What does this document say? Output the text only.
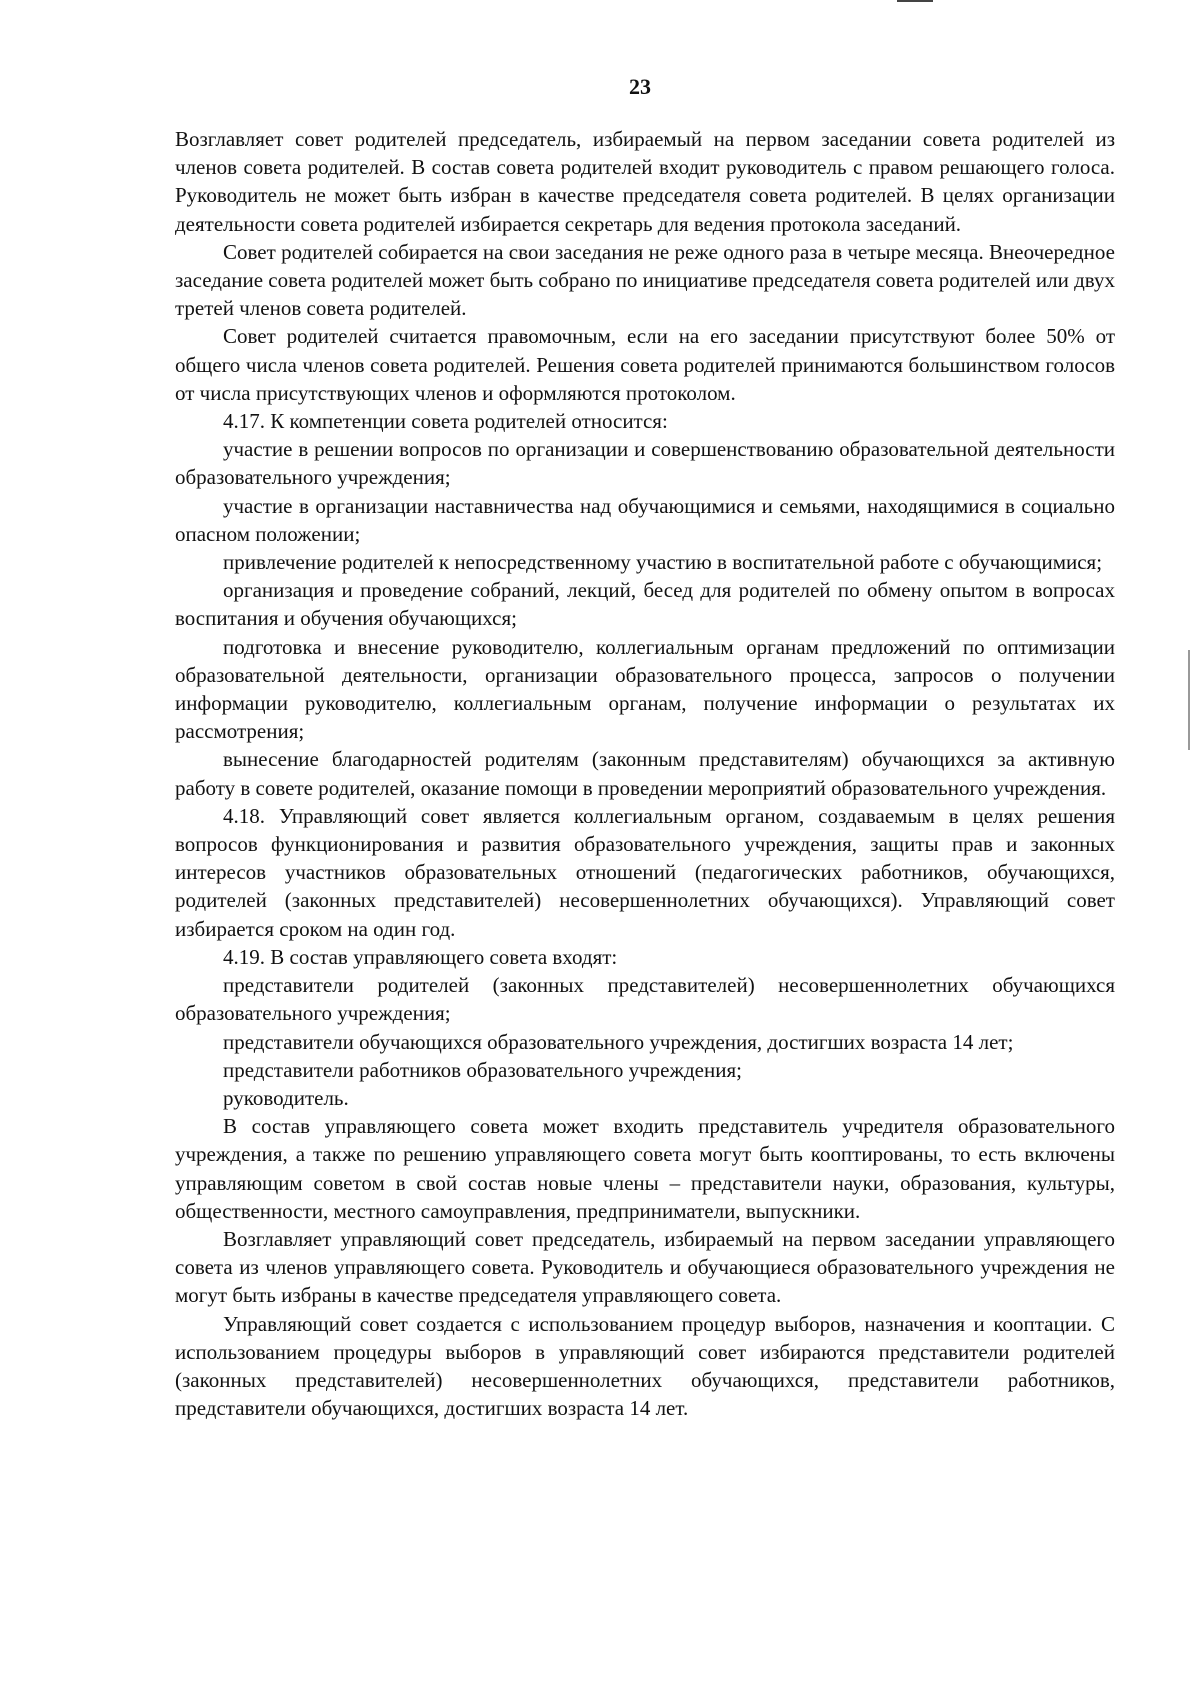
23

Возглавляет совет родителей председатель, избираемый на первом заседании совета родителей из членов совета родителей. В состав совета родителей входит руководитель с правом решающего голоса. Руководитель не может быть избран в качестве председателя совета родителей. В целях организации деятельности совета родителей избирается секретарь для ведения протокола заседаний.

Совет родителей собирается на свои заседания не реже одного раза в четыре месяца. Внеочередное заседание совета родителей может быть собрано по инициативе председателя совета родителей или двух третей членов совета родителей.

Совет родителей считается правомочным, если на его заседании присутствуют более 50% от общего числа членов совета родителей. Решения совета родителей принимаются большинством голосов от числа присутствующих членов и оформляются протоколом.

4.17. К компетенции совета родителей относится:

участие в решении вопросов по организации и совершенствованию образовательной деятельности образовательного учреждения;

участие в организации наставничества над обучающимися и семьями, находящимися в социально опасном положении;

привлечение родителей к непосредственному участию в воспитательной работе с обучающимися;

организация и проведение собраний, лекций, бесед для родителей по обмену опытом в вопросах воспитания и обучения обучающихся;

подготовка и внесение руководителю, коллегиальным органам предложений по оптимизации образовательной деятельности, организации образовательного процесса, запросов о получении информации руководителю, коллегиальным органам, получение информации о результатах их рассмотрения;

вынесение благодарностей родителям (законным представителям) обучающихся за активную работу в совете родителей, оказание помощи в проведении мероприятий образовательного учреждения.

4.18. Управляющий совет является коллегиальным органом, создаваемым в целях решения вопросов функционирования и развития образовательного учреждения, защиты прав и законных интересов участников образовательных отношений (педагогических работников, обучающихся, родителей (законных представителей) несовершеннолетних обучающихся). Управляющий совет избирается сроком на один год.

4.19. В состав управляющего совета входят:

представители родителей (законных представителей) несовершеннолетних обучающихся образовательного учреждения;

представители обучающихся образовательного учреждения, достигших возраста 14 лет;

представители работников образовательного учреждения;

руководитель.

В состав управляющего совета может входить представитель учредителя образовательного учреждения, а также по решению управляющего совета могут быть кооптированы, то есть включены управляющим советом в свой состав новые члены – представители науки, образования, культуры, общественности, местного самоуправления, предприниматели, выпускники.

Возглавляет управляющий совет председатель, избираемый на первом заседании управляющего совета из членов управляющего совета. Руководитель и обучающиеся образовательного учреждения не могут быть избраны в качестве председателя управляющего совета.

Управляющий совет создается с использованием процедур выборов, назначения и кооптации. С использованием процедуры выборов в управляющий совет избираются представители родителей (законных представителей) несовершеннолетних обучающихся, представители работников, представители обучающихся, достигших возраста 14 лет.
